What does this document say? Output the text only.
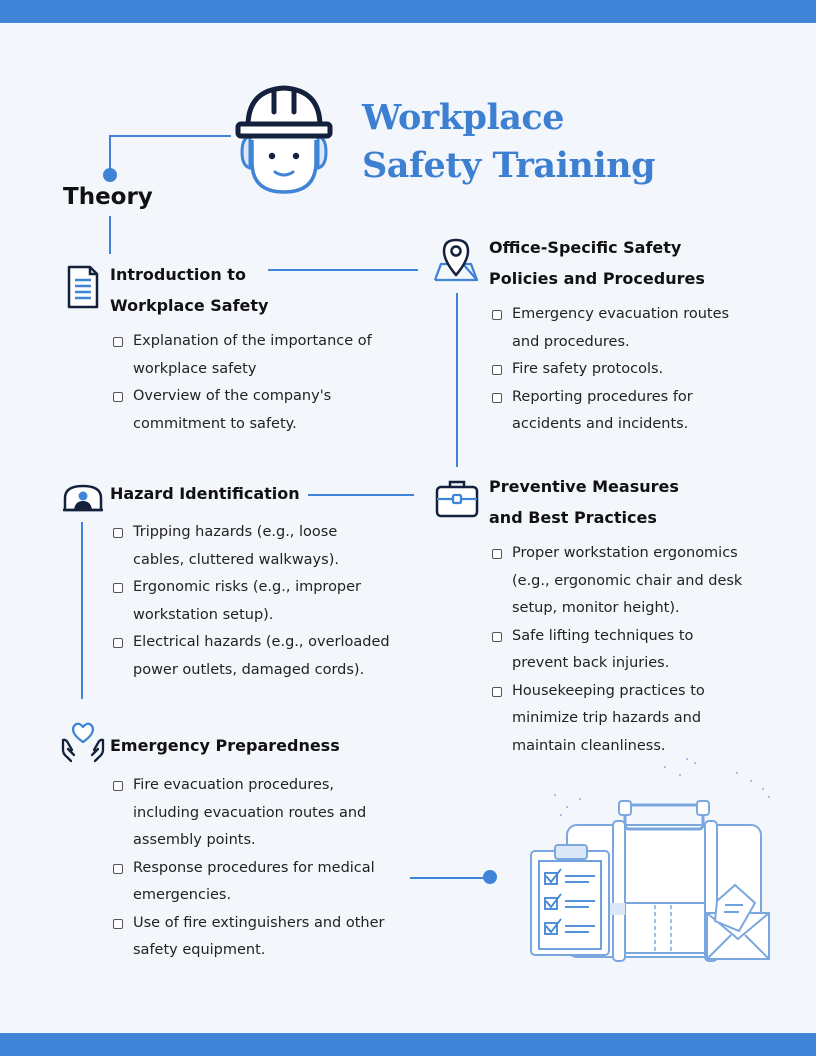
Workplace
Safety Training
Theory
Introduction to
Workplace Safety
Explanation of the importance of
workplace safety
Overview of the company's
commitment to safety.
Hazard Identification
Tripping hazards (e.g., loose
cables, cluttered walkways).
Ergonomic risks (e.g., improper
workstation setup).
Electrical hazards (e.g., overloaded
power outlets, damaged cords).
Emergency Preparedness
Fire evacuation procedures,
including evacuation routes and
assembly points.
Response procedures for medical
emergencies.
Use of fire extinguishers and other
safety equipment.
Office-Specific Safety
Policies and Procedures
Emergency evacuation routes
and procedures.
Fire safety protocols.
Reporting procedures for
accidents and incidents.
Preventive Measures
and Best Practices
Proper workstation ergonomics
(e.g., ergonomic chair and desk
setup, monitor height).
Safe lifting techniques to
prevent back injuries.
Housekeeping practices to
minimize trip hazards and
maintain cleanliness.
